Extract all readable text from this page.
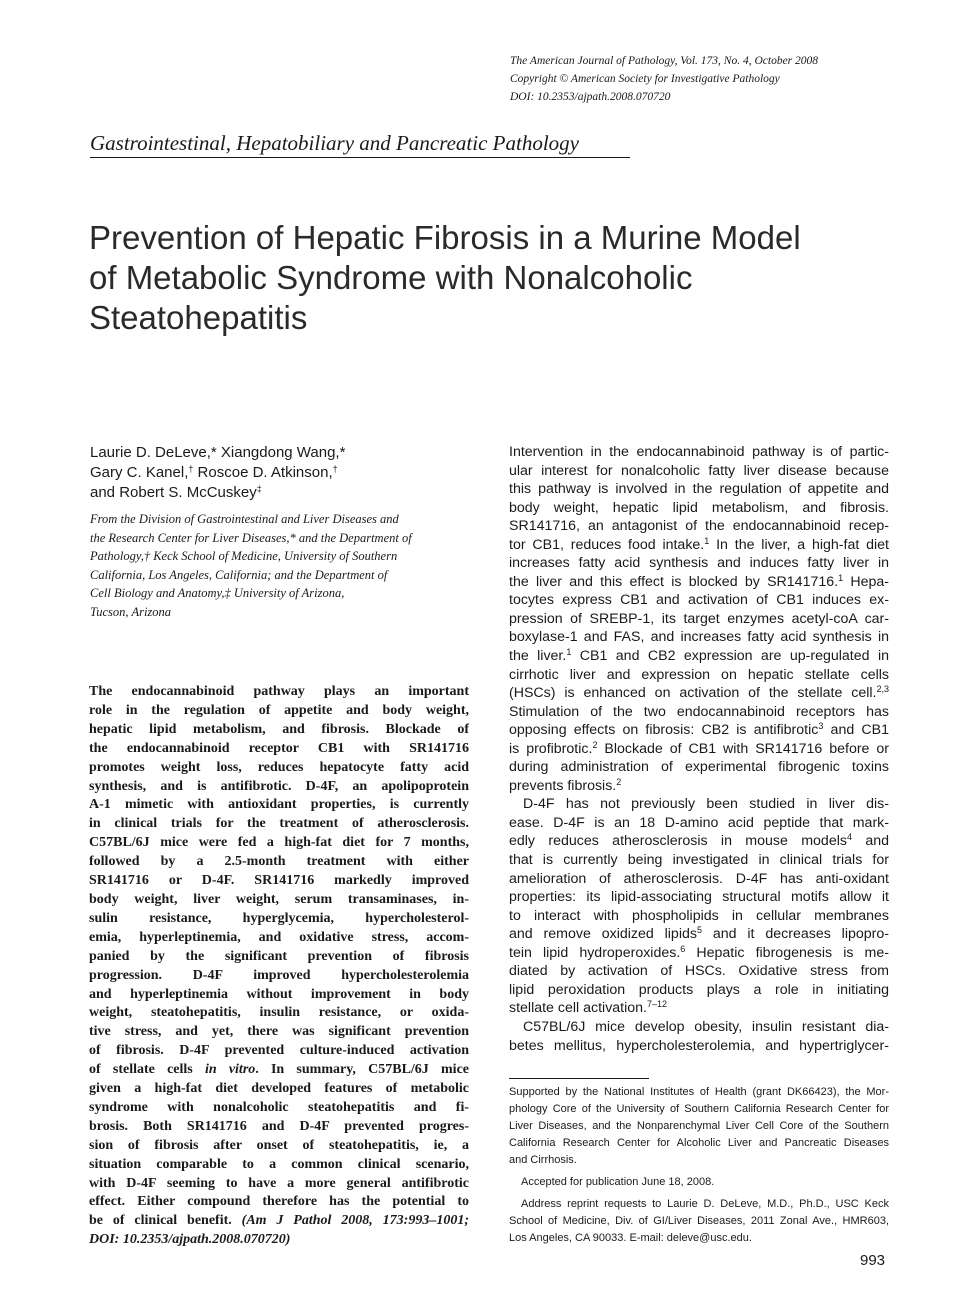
The American Journal of Pathology, Vol. 173, No. 4, October 2008
Copyright © American Society for Investigative Pathology
DOI: 10.2353/ajpath.2008.070720
Gastrointestinal, Hepatobiliary and Pancreatic Pathology
Prevention of Hepatic Fibrosis in a Murine Model
of Metabolic Syndrome with Nonalcoholic
Steatohepatitis
Laurie D. DeLeve,* Xiangdong Wang,*
Gary C. Kanel,† Roscoe D. Atkinson,†
and Robert S. McCuskey‡
From the Division of Gastrointestinal and Liver Diseases and
the Research Center for Liver Diseases,* and the Department of
Pathology,† Keck School of Medicine, University of Southern
California, Los Angeles, California; and the Department of
Cell Biology and Anatomy,‡ University of Arizona,
Tucson, Arizona
The endocannabinoid pathway plays an important
role in the regulation of appetite and body weight,
hepatic lipid metabolism, and fibrosis. Blockade of
the endocannabinoid receptor CB1 with SR141716
promotes weight loss, reduces hepatocyte fatty acid
synthesis, and is antifibrotic. D-4F, an apolipoprotein
A-1 mimetic with antioxidant properties, is currently
in clinical trials for the treatment of atherosclerosis.
C57BL/6J mice were fed a high-fat diet for 7 months,
followed by a 2.5-month treatment with either
SR141716 or D-4F. SR141716 markedly improved
body weight, liver weight, serum transaminases, in-
sulin resistance, hyperglycemia, hypercholesterol-
emia, hyperleptinemia, and oxidative stress, accom-
panied by the significant prevention of fibrosis
progression. D-4F improved hypercholesterolemia
and hyperleptinemia without improvement in body
weight, steatohepatitis, insulin resistance, or oxida-
tive stress, and yet, there was significant prevention
of fibrosis. D-4F prevented culture-induced activation
of stellate cells in vitro. In summary, C57BL/6J mice
given a high-fat diet developed features of metabolic
syndrome with nonalcoholic steatohepatitis and fi-
brosis. Both SR141716 and D-4F prevented progres-
sion of fibrosis after onset of steatohepatitis, ie, a
situation comparable to a common clinical scenario,
with D-4F seeming to have a more general antifibrotic
effect. Either compound therefore has the potential to
be of clinical benefit. (Am J Pathol 2008, 173:993–1001;
DOI: 10.2353/ajpath.2008.070720)
Intervention in the endocannabinoid pathway is of partic-
ular interest for nonalcoholic fatty liver disease because
this pathway is involved in the regulation of appetite and
body weight, hepatic lipid metabolism, and fibrosis.
SR141716, an antagonist of the endocannabinoid recep-
tor CB1, reduces food intake.$^1$ In the liver, a high-fat diet
increases fatty acid synthesis and induces fatty liver in
the liver and this effect is blocked by SR141716.$^1$ Hepa-
tocytes express CB1 and activation of CB1 induces ex-
pression of SREBP-1, its target enzymes acetyl-coA car-
boxylase-1 and FAS, and increases fatty acid synthesis in
the liver.$^1$ CB1 and CB2 expression are up-regulated in
cirrhotic liver and expression on hepatic stellate cells
(HSCs) is enhanced on activation of the stellate cell.$^{2,3}$
Stimulation of the two endocannabinoid receptors has
opposing effects on fibrosis: CB2 is antifibrotic$^3$ and CB1
is profibrotic.$^2$ Blockade of CB1 with SR141716 before or
during administration of experimental fibrogenic toxins
prevents fibrosis.$^2$
D-4F has not previously been studied in liver dis-
ease. D-4F is an 18 D-amino acid peptide that mark-
edly reduces atherosclerosis in mouse models$^4$ and
that is currently being investigated in clinical trials for
amelioration of atherosclerosis. D-4F has anti-oxidant
properties: its lipid-associating structural motifs allow it
to interact with phospholipids in cellular membranes
and remove oxidized lipids$^5$ and it decreases lipopro-
tein lipid hydroperoxides.$^6$ Hepatic fibrogenesis is me-
diated by activation of HSCs. Oxidative stress from
lipid peroxidation products plays a role in initiating
stellate cell activation.$^{7-12}$
C57BL/6J mice develop obesity, insulin resistant dia-
betes mellitus, hypercholesterolemia, and hypertriglycer-
Supported by the National Institutes of Health (grant DK66423), the Mor-
phology Core of the University of Southern California Research Center for
Liver Diseases, and the Nonparenchymal Liver Cell Core of the Southern
California Research Center for Alcoholic Liver and Pancreatic Diseases
and Cirrhosis.
Accepted for publication June 18, 2008.
Address reprint requests to Laurie D. DeLeve, M.D., Ph.D., USC Keck
School of Medicine, Div. of GI/Liver Diseases, 2011 Zonal Ave., HMR603,
Los Angeles, CA 90033. E-mail: deleve@usc.edu.
993
